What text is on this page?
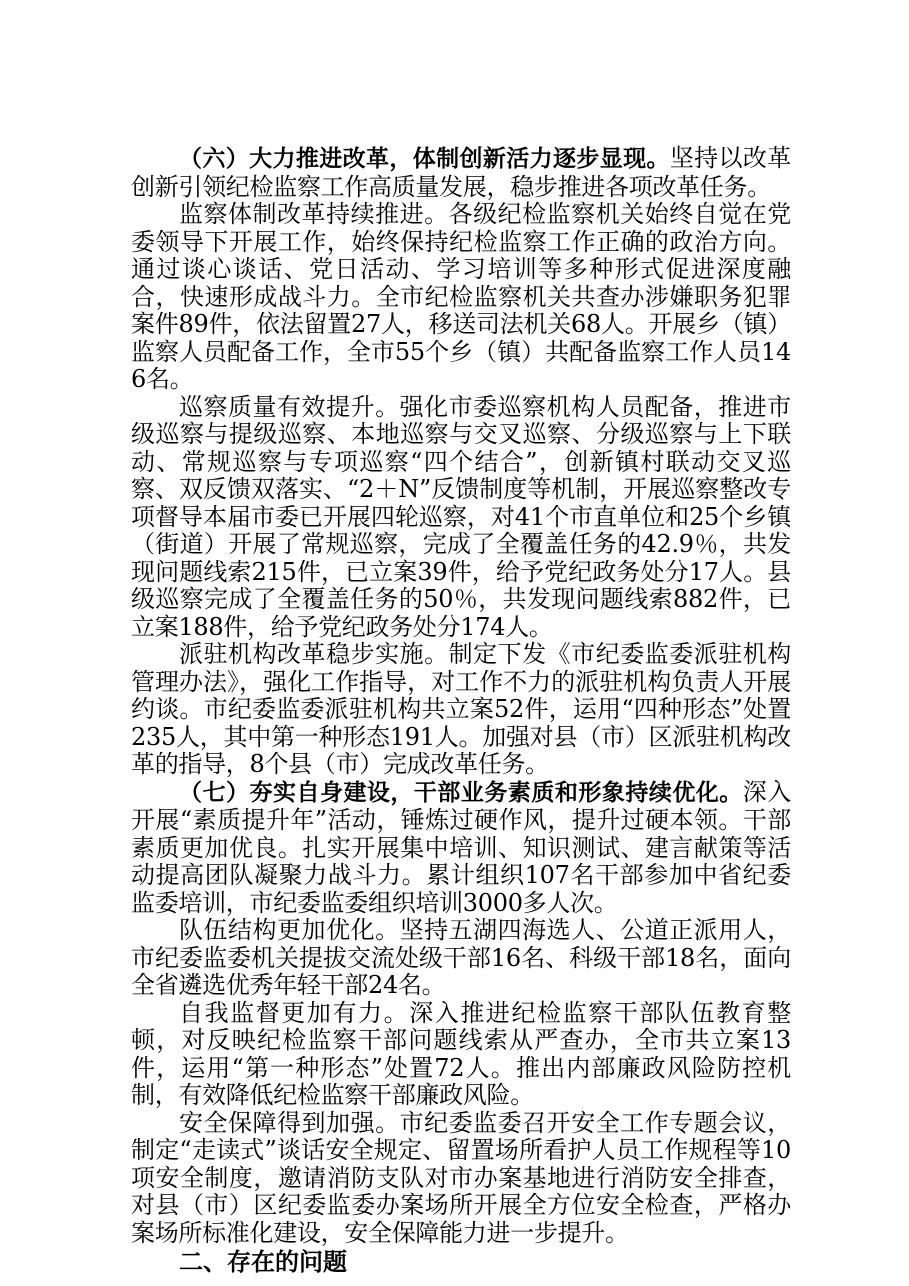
（六）大力推进改革，体制创新活力逐步显现。坚持以改革创新引领纪检监察工作高质量发展，稳步推进各项改革任务。

监察体制改革持续推进。各级纪检监察机关始终自觉在党委领导下开展工作，始终保持纪检监察工作正确的政治方向。通过谈心谈话、党日活动、学习培训等多种形式促进深度融合，快速形成战斗力。全市纪检监察机关共查办涉嫌职务犯罪案件89件，依法留置27人，移送司法机关68人。开展乡（镇）监察人员配备工作，全市55个乡（镇）共配备监察工作人员146名。

巡察质量有效提升。强化市委巡察机构人员配备，推进市级巡察与提级巡察、本地巡察与交叉巡察、分级巡察与上下联动、常规巡察与专项巡察“四个结合”，创新镇村联动交叉巡察、双反馈双落实、“2＋N”反馈制度等机制，开展巡察整改专项督导本届市委已开展四轮巡察，对41个市直单位和25个乡镇（街道）开展了常规巡察，完成了全覆盖任务的42.9％，共发现问题线索215件，已立案39件，给予党纪政务处分17人。县级巡察完成了全覆盖任务的50％，共发现问题线索882件，已立案188件，给予党纪政务处分174人。

派驻机构改革稳步实施。制定下发《市纪委监委派驻机构管理办法》，强化工作指导，对工作不力的派驻机构负责人开展约谈。市纪委监委派驻机构共立案52件，运用“四种形态”处置235人，其中第一种形态191人。加强对县（市）区派驻机构改革的指导，8个县（市）完成改革任务。

（七）夯实自身建设，干部业务素质和形象持续优化。深入开展“素质提升年”活动，锤炼过硬作风，提升过硬本领。干部素质更加优良。扎实开展集中培训、知识测试、建言献策等活动提高团队凝聚力战斗力。累计组织107名干部参加中省纪委监委培训，市纪委监委组织培训3000多人次。

队伍结构更加优化。坚持五湖四海选人、公道正派用人，市纪委监委机关提拔交流处级干部16名、科级干部18名，面向全省遴选优秀年轻干部24名。

自我监督更加有力。深入推进纪检监察干部队伍教育整顿，对反映纪检监察干部问题线索从严查办，全市共立案13件，运用“第一种形态”处置72人。推出内部廉政风险防控机制，有效降低纪检监察干部廉政风险。

安全保障得到加强。市纪委监委召开安全工作专题会议，制定“走读式”谈话安全规定、留置场所看护人员工作规程等10项安全制度，邀请消防支队对市办案基地进行消防安全排查，对县（市）区纪委监委办案场所开展全方位安全检查，严格办案场所标准化建设，安全保障能力进一步提升。

二、存在的问题
